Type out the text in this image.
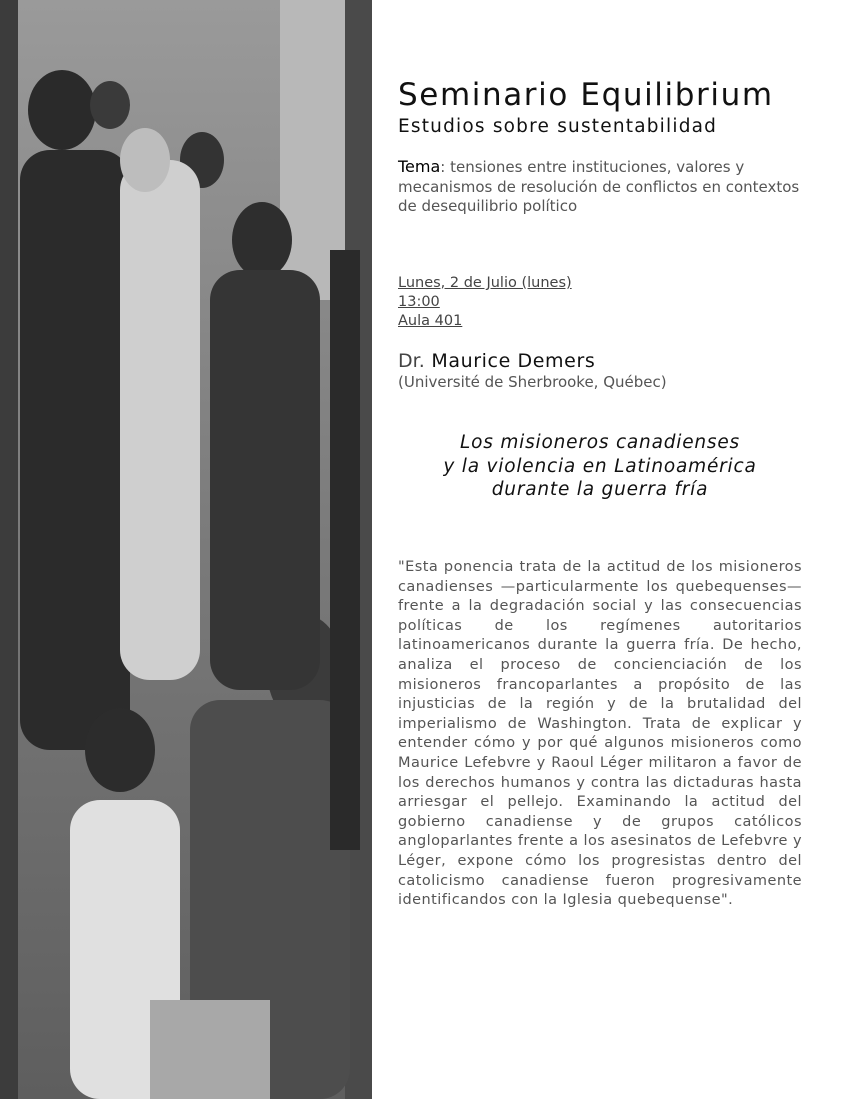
Seminario Equilibrium
Estudios sobre sustentabilidad
Tema: tensiones entre instituciones, valores y mecanismos de resolución de conflictos en contextos de desequilibrio político
Lunes, 2 de Julio (lunes)
13:00
Aula 401
Dr. Maurice Demers
(Université de Sherbrooke, Québec)
Los misioneros canadienses
y la violencia en Latinoamérica
durante la guerra fría
"Esta ponencia trata de la actitud de los misioneros canadienses —particularmente los quebequenses— frente a la degradación social y las consecuencias políticas de los regímenes autoritarios latinoamericanos durante la guerra fría. De hecho, analiza el proceso de concienciación de los misioneros francoparlantes a propósito de las injusticias de la región y de la brutalidad del imperialismo de Washington. Trata de explicar y entender cómo y por qué algunos misioneros como Maurice Lefebvre y Raoul Léger militaron a favor de los derechos humanos y contra las dictaduras hasta arriesgar el pellejo. Examinando la actitud del gobierno canadiense y de grupos católicos angloparlantes frente a los asesinatos de Lefebvre y Léger, expone cómo los progresistas dentro del catolicismo canadiense fueron progresivamente identificandos con la Iglesia quebequense".
